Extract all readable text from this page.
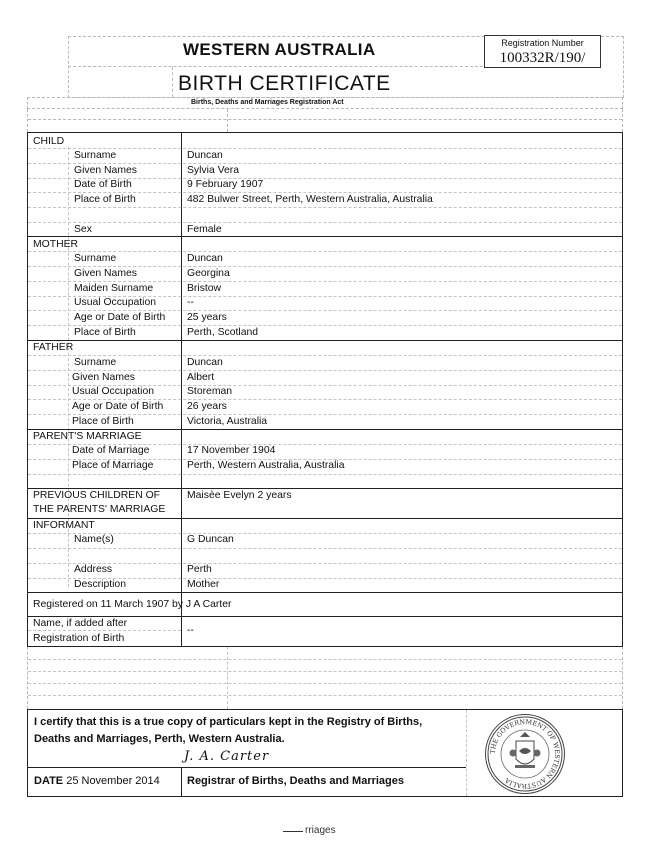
WESTERN AUSTRALIA
BIRTH CERTIFICATE
Registration Number
100332R/190/
Births, Deaths and Marriages Registration Act
CHILD
Surname	Duncan
Given Names	Sylvia Vera
Date of Birth	9 February 1907
Place of Birth	482 Bulwer Street, Perth, Western Australia, Australia
Sex	Female
MOTHER
Surname	Duncan
Given Names	Georgina
Maiden Surname	Bristow
Usual Occupation	--
Age or Date of Birth 25 years
Place of Birth	Perth, Scotland
FATHER
Surname	Duncan
Given Names	Albert
Usual Occupation	Storeman
Age or Date of Birth 26 years
Place of Birth	Victoria, Australia
PARENT'S MARRIAGE
Date of Marriage	17 November 1904
Place of Marriage	Perth, Western Australia, Australia
PREVIOUS CHILDREN OF
THE PARENTS' MARRIAGE
Maisèe Evelyn 2 years
INFORMANT
Name(s)	G Duncan
Address	Perth
Description	Mother
Registered on 11 March 1907 by J A Carter
Name, if added after
Registration of Birth
--
I certify that this is a true copy of particulars kept in the Registry of Births,
Deaths and Marriages, Perth, Western Australia.
J. A. Carter
DATE 25 November 2014 Registrar of Births, Deaths and Marriages
THE GOVERNMENT OF WESTERN AUSTRALIA
rriages
